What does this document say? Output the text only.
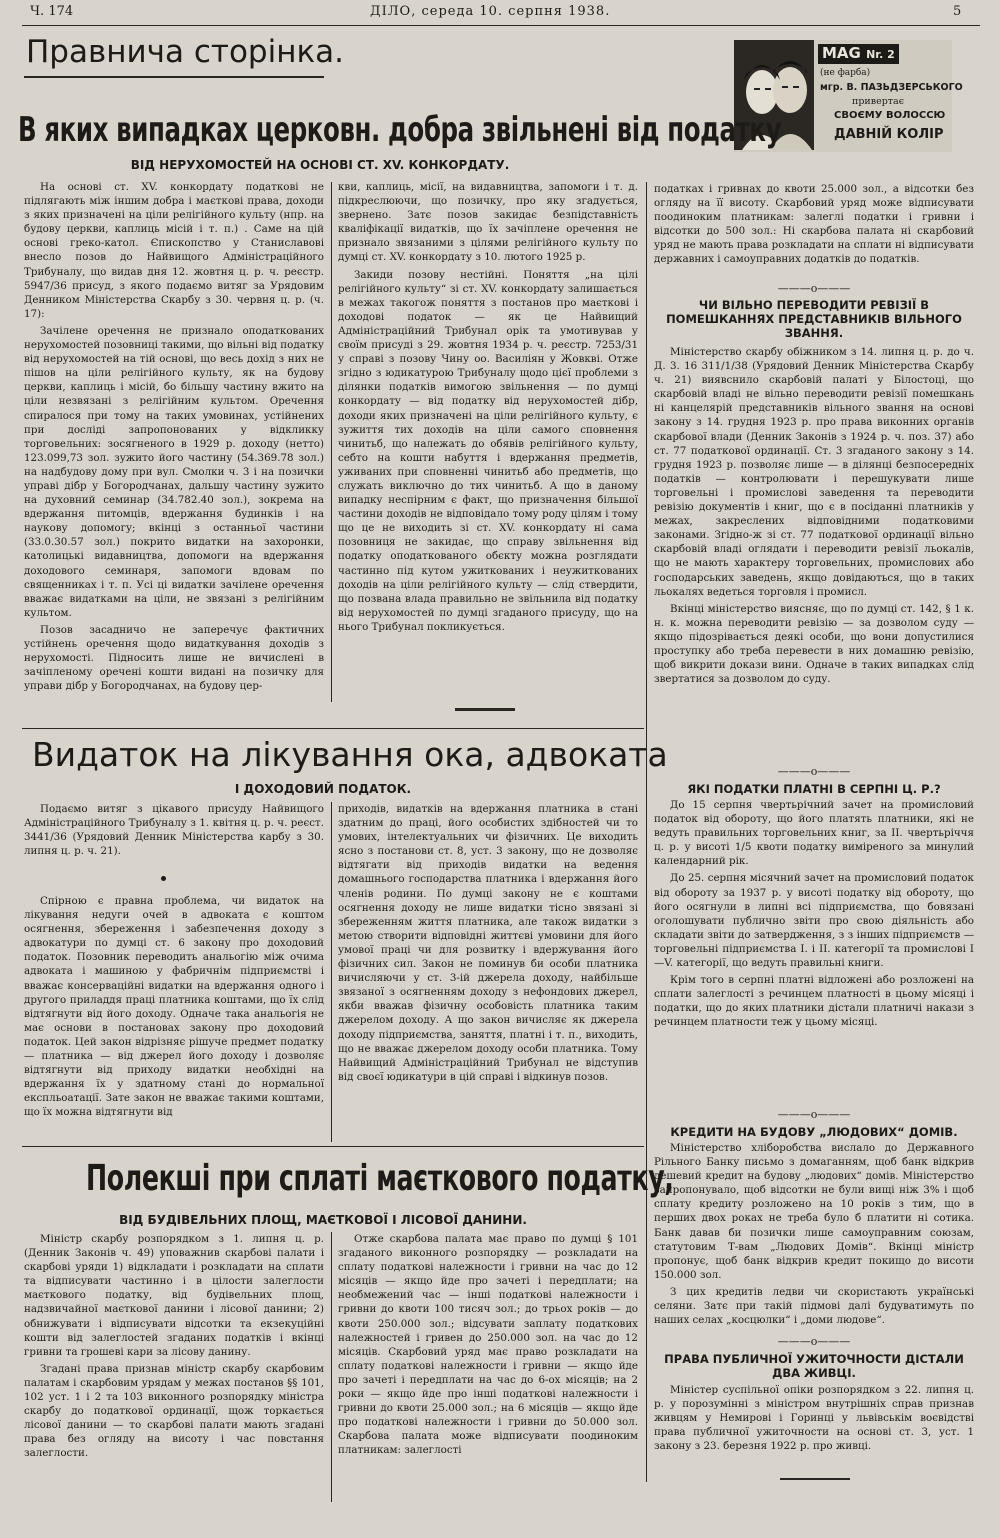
Ч. 174	ДІЛО, середа 10. серпня 1938.	5
Правнича сторінка.	MAG Nr. 2
(не фарба)
мгр. В. ПАЗЬДЗЕРСЬКОГО
привертає
СВОЄМУ ВОЛОССЮ
ДАВНІЙ КОЛІР
В яких випадках церковн. добра звільнені від податку
ВІД НЕРУХОМОСТЕЙ НА ОСНОВІ СТ. XV. КОНКОРДАТУ.

На основі ст. XV. конкордату податкові не підлягають між іншим добра і маєткові права, доходи з яких призначені на ціли релігійного культу (нпр. на будову церкви, каплиць місій і т. п.) . Саме на цій основі греко-катол. Єпископство у Станиславові внесло позов до Найвищого Адміністраційного Трибуналу, що видав дня 12. жовтня ц. р. ч. реєстр. 5947/36 присуд, з якого подаємо витяг за Урядовим Денником Міністерства Скарбу з 30. червня ц. р. (ч. 17):

Зачілене оречення не признало оподаткованих нерухомостей позовниці такими, що вільні від податку від нерухомостей на тій основі, що весь дохід з них не пішов на ціли релігійного культу, як на будову церкви, каплиць і місій, бо більшу частину вжито на ціли незвязані з релігійним культом. Оречення спиралося при тому на таких умовинах, устійнених при досліді запропонованих у відкликку торговельних: зосягненого в 1929 р. доходу (нетто) 123.099,73 зол. зужито його частину (54.369.78 зол.) на надбудову дому при вул. Смолки ч. 3 і на позички управі дібр у Богородчанах, дальшу частину зужито на духовний семинар (34.782.40 зол.), зокрема на вдержання питомців, вдержання будинків і на наукову допомогу; вкінці з останньої частини (33.0.30.57 зол.) покрито видатки на захоронки, католицькі видавництва, допомоги на вдержання доходового семинаря, запомоги вдовам по священниках і т. п. Усі ці видатки зачілене оречення вважає видатками на ціли, не звязані з релігійним культом.

Позов засадничо не заперечує фактичних устійнень оречення щодо видаткування доходів з нерухомості. Підносить лише не вичислені в зачіпленому оречені кошти видані на позичку для управи дібр у Богородчанах, на будову цер-

кви, каплиць, місії, на видавництва, запомоги і т. д. підкреслюючи, що позичку, про яку згадується, звернено. Затє позов закидає безпідставність кваліфікації видатків, що їх зачіплене оречення не признало звязаними з цілями релігійного культу по думці ст. XV. конкордату з 10. лютого 1925 р.

Закиди позову нестійні. Поняття „на цілі релігійного культу“ зі ст. XV. конкордату залишається в межах такогож поняття з постанов про маєткові і доходові податок — як це Найвищий Адміністраційний Трибунал орік та умотивував у своїм присуді з 29. жовтня 1934 р. ч. реєстр. 7253/31 у справі з позову Чину оо. Василіян у Жовкві. Отже згідно з юдикатурою Трибуналу щодо цієї проблеми з ділянки податків вимогою звільнення — по думці конкордату — від податку від нерухомостей дібр, доходи яких призначені на ціли релігійного культу, є зужиття тих доходів на ціли самого сповнення чинитьб, що належать до обявів релігійного культу, себто на кошти набуття і вдержання предметів, уживаних при сповненні чинитьб або предметів, що служать виключно до тих чинитьб. А що в даному випадку неспірним є факт, що призначення більшої частини доходів не відповідало тому роду цілям і тому що це не виходить зі ст. XV. конкордату ні сама позовниця не закидає, що справу звільнення від податку оподаткованого обєкту можна розглядати частинно під кутом ужиткованих і неужиткованих доходів на ціли релігійного культу — слід ствердити, що позвана влада правильно не звільнила від податку від нерухомостей по думці згаданого присуду, що на нього Трибунал покликується.

податках і гривнах до квоти 25.000 зол., а відсотки без огляду на її висоту. Скарбовий уряд може відписувати поодиноким платникам: залеглі податки і гривни і відсотки до 500 зол.: Ні скарбова палата ні скарбовий уряд не мають права розкладати на сплати ні відписувати державних і самоуправних додатків до податків.

———o———
ЧИ ВІЛЬНО ПЕРЕВОДИТИ РЕВІЗІЇ В ПОМЕШКАННЯХ ПРЕДСТАВНИКІВ ВІЛЬНОГО ЗВАННЯ.

Міністерство скарбу обіжником з 14. липня ц. р. до ч. Д. 3. 16 311/1/38 (Урядовий Денник Міністерства Скарбу ч. 21) виявснило скарбовій палаті у Білостоці, що скарбовій владі не вільно переводити ревізії помешкань ні канцелярій представників вільного звання на основі закону з 14. грудня 1923 р. про права виконних органів скарбової влади (Денник Законів з 1924 р. ч. поз. 37) або ст. 77 податкової ординації. Ст. 3 згаданого закону з 14. грудня 1923 р. позволяє лише — в ділянці безпосередніх податків — контролювати і перешукувати лише торговельні і промислові заведення та переводити ревізію документів і книг, що є в посіданні платників у межах, закреслених відповідними податковими законами. Згідно-ж зі ст. 77 податкової ординації вільно скарбовій владі оглядати і переводити ревізії льокалів, що не мають характеру торговельних, промислових або господарських заведень, якщо довідаються, що в таких льокалях ведеться торговля і промисл.

Вкінці міністерство виясняє, що по думці ст. 142, § 1 к. н. к. можна переводити ревізію — за дозволом суду — якщо підозрівається деякі особи, що вони допустилися проступку або треба перевести в них домашню ревізію, щоб викрити докази вини. Одначе в таких випадках слід звертатися за дозволом до суду.

———o———
ЯКІ ПОДАТКИ ПЛАТНІ В СЕРПНІ Ц. Р.?

До 15 серпня чвертьрічний зачет на промисловий податок від обороту, що його платять платники, які не ведуть правильних торговельних книг, за II. чвертьріччя ц. р. у висоті 1/5 квоти податку виміреного за минулий календарний рік.

До 25. серпня місячний зачет на промисловий податок від обороту за 1937 р. у висоті податку від обороту, що його осягнули в липні всі підприємства, що бовязані оголошувати публично звіти про свою діяльність або складати звіти до затвердження, з з інших підприємств — торговельні підприємства I. і II. категорії та промислові I—V. категорії, що ведуть правильні книги.

Крім того в серпні платні відложені або розложені на сплати залеглості з речинцем платності в цьому місяці і податки, що до яких платники дістали платничі накази з речинцем платности теж у цьому місяці.

———o———
КРЕДИТИ НА БУДОВУ „ЛЮДОВИХ“ ДОМІВ.

Міністерство хліборобства вислало до Державного Рільного Банку письмо з домаганням, щоб банк відкрив дешевий кредит на будову „людових“ домів. Міністерство запропонувало, щоб відсотки не були вищі ніж 3% і щоб сплату кредиту розложено на 10 років з тим, що в перших двох роках не треба було б платити ні сотика. Банк давав би позички лише самоуправним союзам, статутовим Т-вам „Людових Домів“. Вкінці міністр пропонує, щоб банк відкрив кредит покищо до висоти 150.000 зол.

З цих кредитів ледви чи скористають українські селяни. Затє при такій підмові далі будуватимуть по наших селах „косцюлки“ і „доми людове“.

———o———
ПРАВА ПУБЛИЧНОЇ УЖИТОЧНОСТИ ДІСТАЛИ ДВА ЖИВЦІ.

Міністер суспільної опіки розпорядком з 22. липня ц. р. у порозумінні з міністром внутрішніх справ признав живцям у Немирові і Горинці у львівськім воєвідстві права публичної ужиточности на основі ст. 3, уст. 1 закону з 23. березня 1922 р. про живці.

Видаток на лікування ока, адвоката
І ДОХОДОВИЙ ПОДАТОК.

Подаємо витяг з цікавого присуду Найвищого Адміністраційного Трибуналу з 1. квітня ц. р. ч. реєст. 3441/36 (Урядовий Денник Міністерства карбу з 30. липня ц. р. ч. 21).

Спірною є правна проблема, чи видаток на лікування недуги очей в адвоката є коштом осягнення, збереження і забезпечення доходу з адвокатури по думці ст. 6 закону про доходовий податок. Позовник переводить анальогію між очима адвоката і машиною у фабричнім підприємстві і вважає консерваційні видатки на вдержання одного і другого приладдя праці платника коштами, що їх слід відтягнути від його доходу. Одначе така анальогія не має основи в постановах закону про доходовий податок. Цей закон відрізняє рішуче предмет податку — платника — від джерел його доходу і дозволяє відтягнути від приходу видатки необхідні на вдержання їх у здатному стані до нормальної експльоатації. Зате закон не вважає такими коштами, що їх можна відтягнути від

приходів, видатків на вдержання платника в стані здатним до праці, його особистих здібностей чи то умових, інтелектуальних чи фізичних. Це виходить ясно з постанови ст. 8, уст. 3 закону, що не дозволяє відтягати від приходів видатки на ведення домашнього господарства платника і вдержання його членів родини. По думці закону не є коштами осягнення доходу не лише видатки тісно звязані зі збереженням життя платника, але також видатки з метою створити відповідні життєві умовини для його умової праці чи для розвитку і вдержування його фізичних сил. Закон не поминув би особи платника вичисляючи у ст. 3-ій джерела доходу, найбільше звязаної з осягненням доходу з нефондових джерел, якби вважав фізичну особовість платника таким джерелом доходу. А що закон вичисляє як джерела доходу підприємства, заняття, платні і т. п., виходить, що не вважає джерелом доходу особи платника. Тому Найвищий Адміністраційний Трибунал не відступив від своєї юдикатури в цій справі і відкинув позов.

Полекші при сплаті маєткового податку,
ВІД БУДІВЕЛЬНИХ ПЛОЩ, МАЄТКОВОЇ І ЛІСОВОЇ ДАНИНИ.

Міністр скарбу розпорядком з 1. липня ц. р. (Денник Законів ч. 49) уповажнив скарбові палати і скарбові уряди 1) відкладати і розкладати на сплати та відписувати частинно і в цілости залеглости маєткового податку, від будівельних площ, надзвичайної маєткової данини і лісової данини; 2) обнижувати і відписувати відсотки та екзекуційні кошти від залеглостей згаданих податків і вкінці гривни та грошеві кари за лісову данину.

Згадані права признав міністр скарбу скарбовим палатам і скарбовим урядам у межах постанов §§ 101, 102 уст. 1 і 2 та 103 виконного розпорядку міністра скарбу до податкової ординації, щож торкається лісової данини — то скарбові палати мають згадані права без огляду на висоту і час повстання залеглости.

Отже скарбова палата має право по думці § 101 згаданого виконного розпорядку — розкладати на сплату податкові належности і гривни на час до 12 місяців — якщо йде про зачеті і передплати; на необмежений час — інші податкові належности і гривни до квоти 100 тисяч зол.; до трьох років — до квоти 250.000 зол.; відсувати заплату податкових належностей і гривен до 250.000 зол. на час до 12 місяців. Скарбовий уряд має право розкладати на сплату податкові належности і гривни — якщо йде про зачеті і передплати на час до 6-ох місяців; на 2 роки — якщо йде про інші податкові належности і гривни до квоти 25.000 зол.; на 6 місяців — якщо йде про податкові належности і гривни до 50.000 зол. Скарбова палата може відписувати поодиноким платникам: залеглості
